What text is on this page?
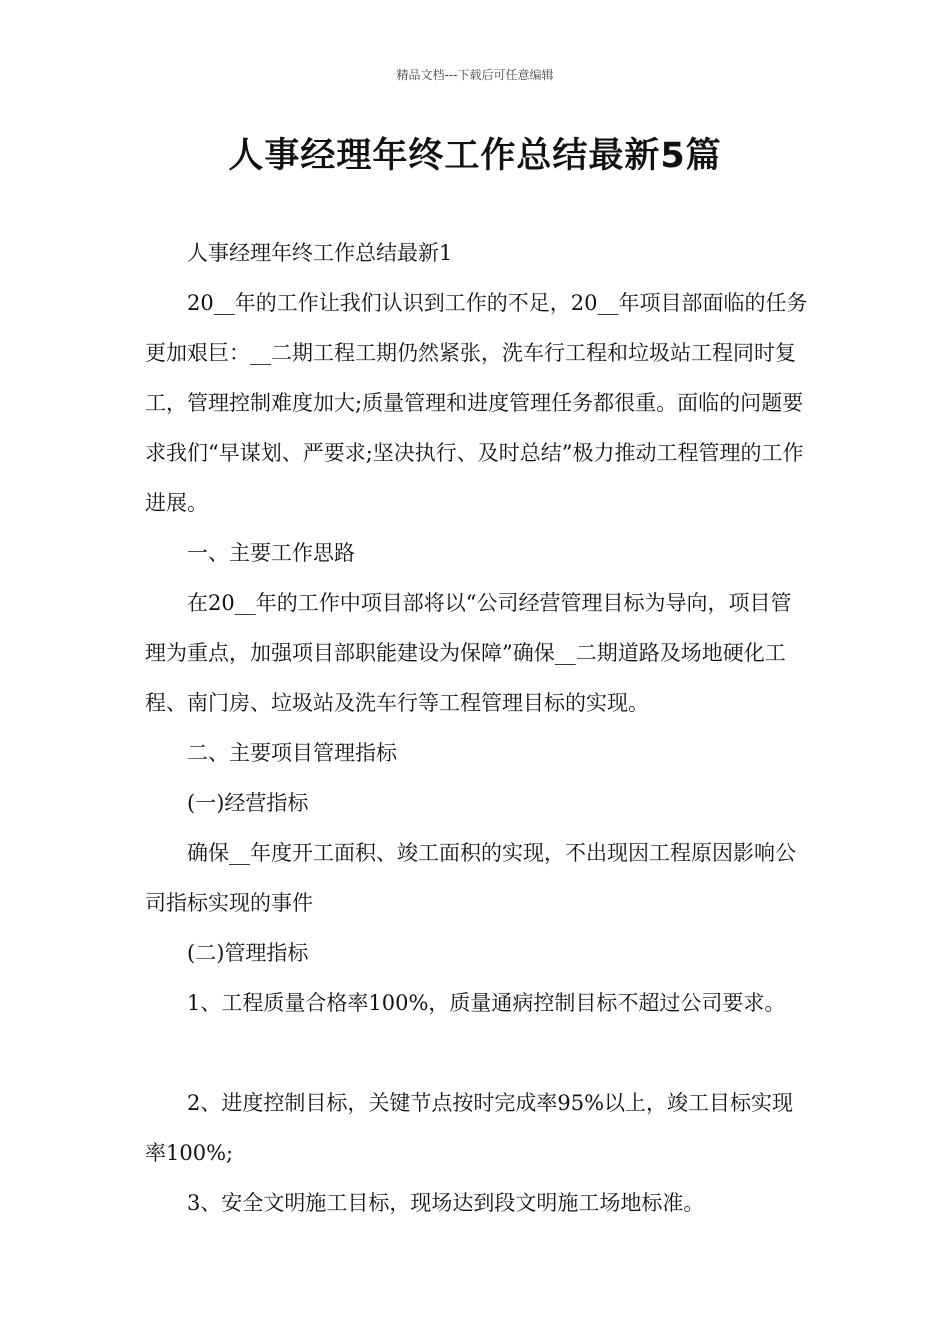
精品文档---下载后可任意编辑
人事经理年终工作总结最新5篇

人事经理年终工作总结最新1

20__年的工作让我们认识到工作的不足，20__年项目部面临的任务更加艰巨：__二期工程工期仍然紧张，洗车行工程和垃圾站工程同时复工，管理控制难度加大;质量管理和进度管理任务都很重。面临的问题要求我们“早谋划、严要求;坚决执行、及时总结”极力推动工程管理的工作进展。

一、主要工作思路

在20__年的工作中项目部将以“公司经营管理目标为导向，项目管理为重点，加强项目部职能建设为保障”确保__二期道路及场地硬化工程、南门房、垃圾站及洗车行等工程管理目标的实现。

二、主要项目管理指标

(一)经营指标

确保__年度开工面积、竣工面积的实现，不出现因工程原因影响公司指标实现的事件

(二)管理指标

1、工程质量合格率100%，质量通病控制目标不超过公司要求。

2、进度控制目标，关键节点按时完成率95%以上，竣工目标实现率100%;

3、安全文明施工目标，现场达到段文明施工场地标准。
